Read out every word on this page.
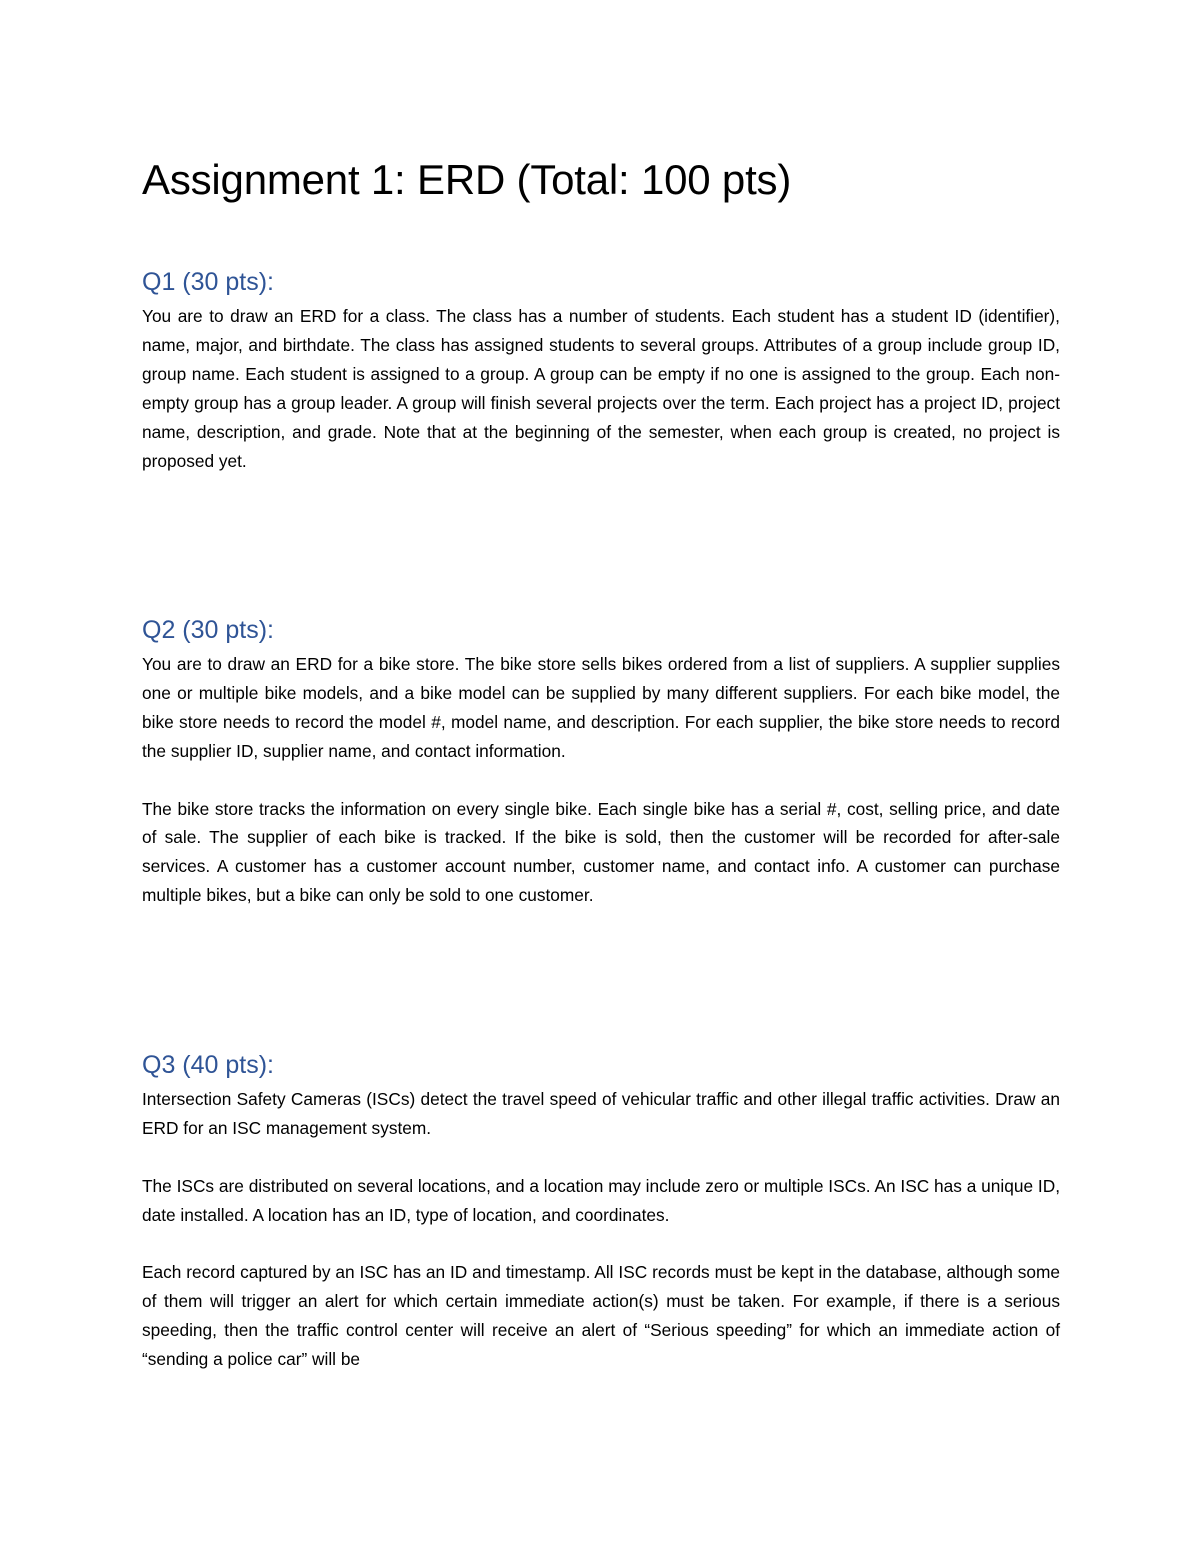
Assignment 1: ERD (Total: 100 pts)
Q1 (30 pts):

You are to draw an ERD for a class. The class has a number of students. Each student has a student ID (identifier), name, major, and birthdate. The class has assigned students to several groups. Attributes of a group include group ID, group name. Each student is assigned to a group. A group can be empty if no one is assigned to the group. Each non-empty group has a group leader. A group will finish several projects over the term. Each project has a project ID, project name, description, and grade. Note that at the beginning of the semester, when each group is created, no project is proposed yet.

Q2 (30 pts):

You are to draw an ERD for a bike store. The bike store sells bikes ordered from a list of suppliers. A supplier supplies one or multiple bike models, and a bike model can be supplied by many different suppliers. For each bike model, the bike store needs to record the model #, model name, and description. For each supplier, the bike store needs to record the supplier ID, supplier name, and contact information.

The bike store tracks the information on every single bike. Each single bike has a serial #, cost, selling price, and date of sale. The supplier of each bike is tracked. If the bike is sold, then the customer will be recorded for after-sale services. A customer has a customer account number, customer name, and contact info. A customer can purchase multiple bikes, but a bike can only be sold to one customer.

Q3 (40 pts):

Intersection Safety Cameras (ISCs) detect the travel speed of vehicular traffic and other illegal traffic activities. Draw an ERD for an ISC management system.

The ISCs are distributed on several locations, and a location may include zero or multiple ISCs. An ISC has a unique ID, date installed. A location has an ID, type of location, and coordinates.

Each record captured by an ISC has an ID and timestamp. All ISC records must be kept in the database, although some of them will trigger an alert for which certain immediate action(s) must be taken. For example, if there is a serious speeding, then the traffic control center will receive an alert of “Serious speeding” for which an immediate action of “sending a police car” will be
